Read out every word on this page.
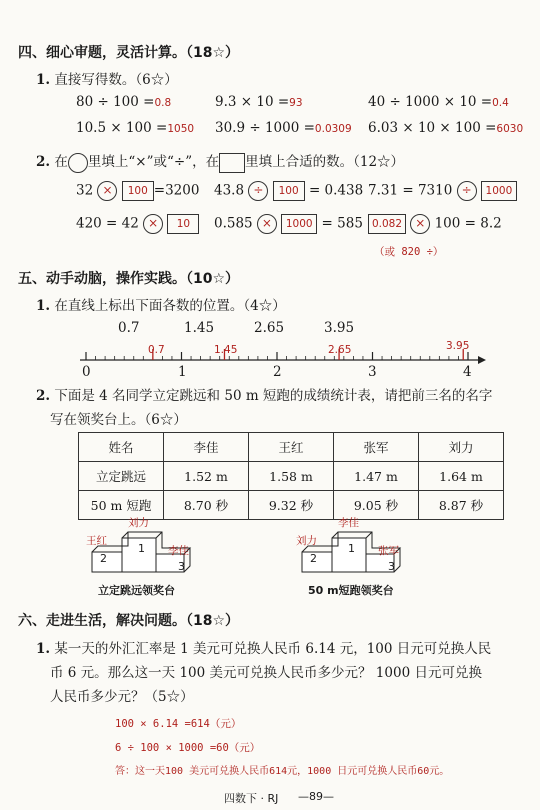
四、细心审题，灵活计算。（18☆）
1. 直接写得数。（6☆）
80 ÷ 100 =0.8	9.3 × 10 =93	40 ÷ 1000 × 10 =0.4
10.5 × 100 =1050 30.9 ÷ 1000 =0.0309 6.03 × 10 × 100 =6030
2. 在 里填上“×”或“÷”，在 里填上合适的数。（12☆）
32 × 100 =3200 43.8 ÷ 100 = 0.438 7.31 = 7310 ÷ 1000
420 = 42 × 10	0.585 × 1000 = 585 0.082 × 100 = 8.2
（或 820 ÷）
五、动手动脑，操作实践。（10☆）
1. 在直线上标出下面各数的位置。（4☆）
0.7	1.45	2.65	3.95
0	1	2	3	4
0.7	1.45	2.65	3.95
2. 下面是 4 名同学立定跳远和 50 m 短跑的成绩统计表，请把前三名的名字
写在领奖台上。（6☆）
姓名	李佳	王红	张军	刘力
立定跳远	1.52 m	1.58 m	1.47 m	1.64 m
50 m 短跑	8.70 秒	9.32 秒	9.05 秒	8.87 秒
1
2
3
刘力
王红
李佳
立定跳远领奖台
1
2
3
李佳
刘力
张军
50 m短跑领奖台
六、走进生活，解决问题。（18☆）
1. 某一天的外汇汇率是 1 美元可兑换人民币 6.14 元，100 日元可兑换人民
币 6 元。那么这一天 100 美元可兑换人民币多少元？ 1000 日元可兑换
人民币多少元？（5☆）
100 × 6.14 =614（元）
6 ÷ 100 × 1000 =60（元）
答：这一天100 美元可兑换人民币614元，1000 日元可兑换人民币60元。
四数下 · RJ —89—
